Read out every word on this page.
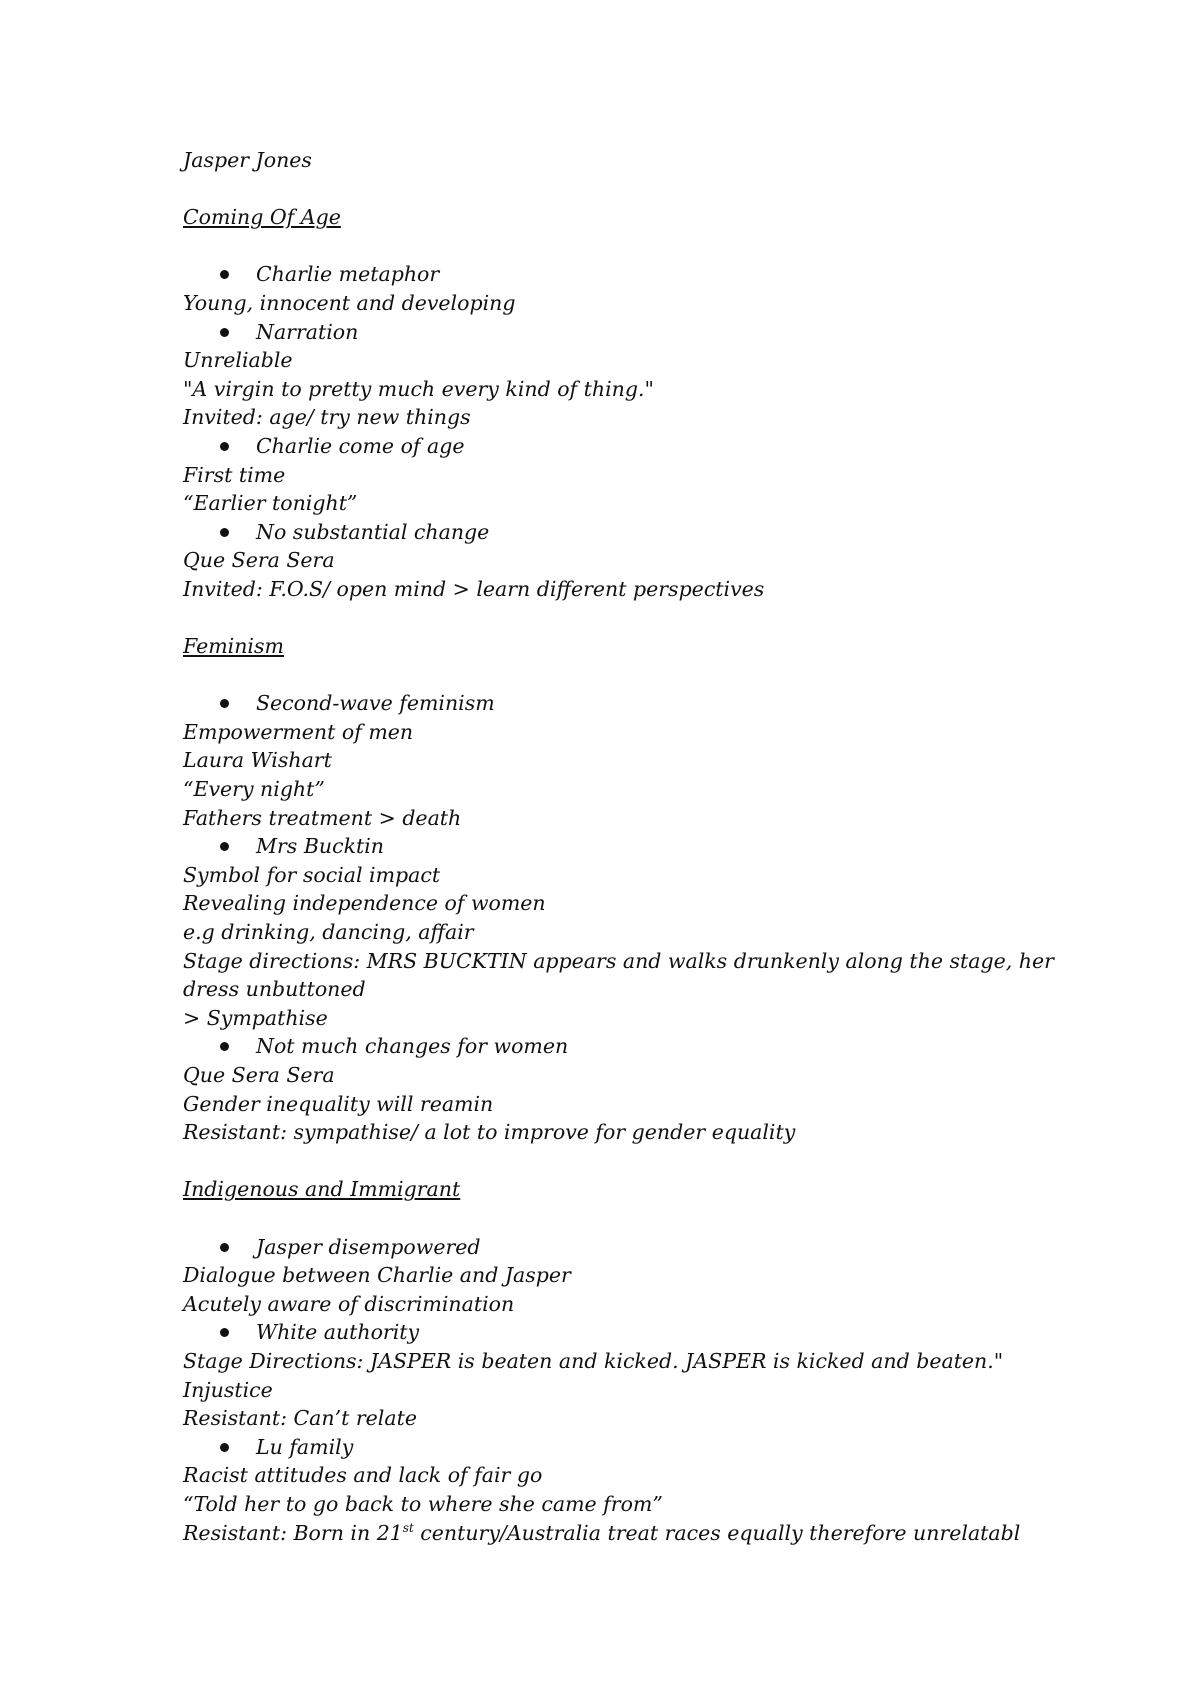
Jasper Jones
Coming Of Age
Charlie metaphor
Young, innocent and developing
Narration
Unreliable
"A virgin to pretty much every kind of thing."
Invited: age/ try new things
Charlie come of age
First time
“Earlier tonight”
No substantial change
Que Sera Sera
Invited: F.O.S/ open mind > learn different perspectives
Feminism
Second-wave feminism
Empowerment of men
Laura Wishart
“Every night”
Fathers treatment > death
Mrs Bucktin
Symbol for social impact
Revealing independence of women
e.g drinking, dancing, affair
Stage directions: MRS BUCKTIN appears and walks drunkenly along the stage, her
dress unbuttoned
> Sympathise
Not much changes for women
Que Sera Sera
Gender inequality will reamin
Resistant: sympathise/ a lot to improve for gender equality
Indigenous and Immigrant
Jasper disempowered
Dialogue between Charlie and Jasper
Acutely aware of discrimination
White authority
Stage Directions: JASPER is beaten and kicked. JASPER is kicked and beaten."
Injustice
Resistant: Can’t relate
Lu family
Racist attitudes and lack of fair go
“Told her to go back to where she came from”
Resistant: Born in 21st century/Australia treat races equally therefore unrelatabl
